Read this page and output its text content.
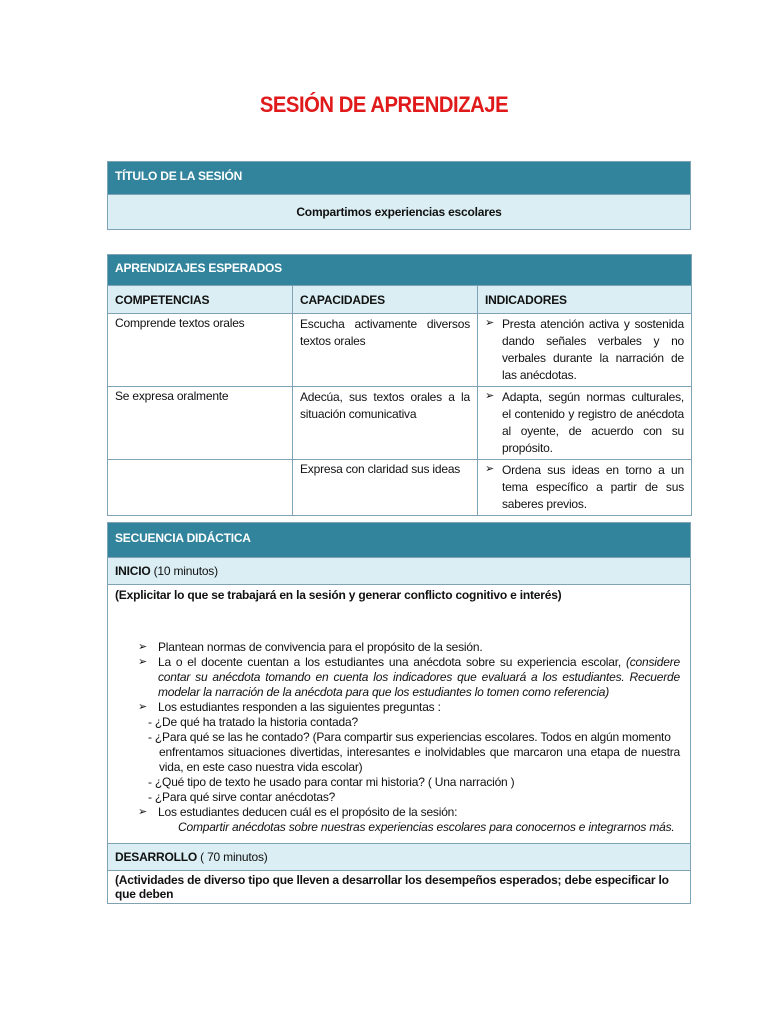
SESIÓN DE APRENDIZAJE
TÍTULO DE LA SESIÓN
Compartimos experiencias escolares
APRENDIZAJES ESPERADOS		
COMPETENCIAS	CAPACIDADES	INDICADORES
Comprende textos orales	Escucha activamente diversos textos orales	➢ Presta atención activa y sostenida dando señales verbales y no verbales durante la narración de las anécdotas.

Se expresa oralmente	Adecúa, sus textos orales a la situación comunicativa	➢ Adapta, según normas culturales, el contenido y registro de anécdota al oyente, de acuerdo con su propósito.

	Expresa con claridad sus ideas	➢ Ordena sus ideas en torno a un tema específico a partir de sus saberes previos.
SECUENCIA DIDÁCTICA
INICIO (10 minutos)

(Explicitar lo que se trabajará en la sesión y generar conflicto cognitivo e interés)
➢ Plantean normas de convivencia para el propósito de la sesión.
➢ La o el docente cuentan a los estudiantes una anécdota sobre su experiencia escolar, (considere contar su anécdota tomando en cuenta los indicadores que evaluará a los estudiantes. Recuerde modelar la narración de la anécdota para que los estudiantes lo tomen como referencia)
➢ Los estudiantes responden a las siguientes preguntas :
- ¿De qué ha tratado la historia contada?
- ¿Para qué se las he contado? (Para compartir sus experiencias escolares. Todos en algún momento
enfrentamos situaciones divertidas, interesantes e inolvidables que marcaron una etapa de nuestra vida, en este caso nuestra vida escolar)
- ¿Qué tipo de texto he usado para contar mi historia? ( Una narración )
- ¿Para qué sirve contar anécdotas?
➢ Los estudiantes deducen cuál es el propósito de la sesión:
Compartir anécdotas sobre nuestras experiencias escolares para conocernos e integrarnos más.

DESARROLLO ( 70 minutos)
(Actividades de diverso tipo que lleven a desarrollar los desempeños esperados; debe especificar lo que deben
